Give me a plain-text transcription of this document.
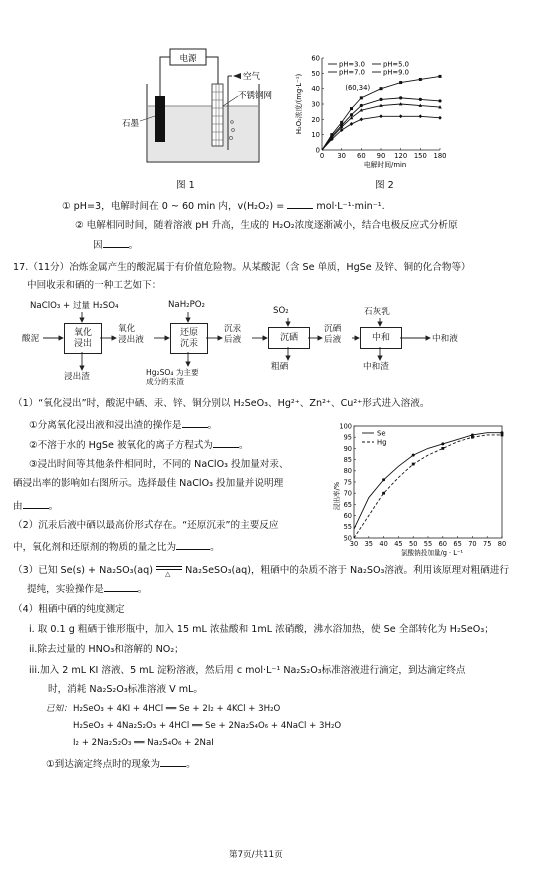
电源
石墨
空气
不锈钢网
图 1
0
10
20
30
40
50
60
0 30 60 90 120 150 180
电解时间/min
H₂O₂浓度/(mg·L⁻¹)
pH=3.0	pH=5.0
pH=7.0	pH=9.0
(60,34)
图 2
① pH=3，电解时间在 0 ~ 60 min 内，v(H₂O₂) =	mol·L⁻¹·min⁻¹.
② 电解相同时间，随着溶液 pH 升高，生成的 H₂O₂浓度逐渐减小，结合电极反应式分析原
因	。
17.（11分）冶炼金属产生的酸泥属于有价值危险物。从某酸泥（含 Se 单质，HgSe 及锌、铜的化合物等）
中回收汞和硒的一种工艺如下：
NaClO₃ + 过量 H₂SO₄	NaH₂PO₂
SO₂	石灰乳
酸泥
氧化
浸出
氧化
浸出液
还原
沉汞
沉汞
后液	沉硒
沉硒
后液	中和	中和液
浸出渣	Hg₂SO₄ 为主要
成分的汞渣
粗硒	中和渣
（1）“氧化浸出”时，酸泥中硒、汞、锌、铜分别以 H₂SeO₃、Hg²⁺、Zn²⁺、Cu²⁺形式进入溶液。
①分离氧化浸出液和浸出渣的操作是	。
②不溶于水的 HgSe 被氧化的离子方程式为	。
③浸出时间等其他条件相同时，不同的 NaClO₃ 投加量对汞、
硒浸出率的影响如右图所示。选择最佳 NaClO₃ 投加量并说明理
由	。
（2）沉汞后液中硒以最高价形式存在。“还原沉汞”的主要反应
中，氧化剂和还原剂的物质的量之比为	。
50
55
60
65
70
75
80
85
90
95
100
30 35 40 45 50 55 60 65 70 75 80
氯酸钠投加量/g · L⁻¹
浸出率/%
Se
Hg
（3）已知 Se(s) + Na₂SO₃(aq) △ Na₂SeSO₃(aq)，粗硒中的杂质不溶于 Na₂SO₃溶液。利用该原理对粗硒进行
提纯，实验操作是	。
（4）粗硒中硒的纯度测定
i. 取 0.1 g 粗硒于锥形瓶中，加入 15 mL 浓盐酸和 1mL 浓硝酸，沸水浴加热，使 Se 全部转化为 H₂SeO₃；
ii.除去过量的 HNO₃和溶解的 NO₂；
iii.加入 2 mL KI 溶液、5 mL 淀粉溶液，然后用 c mol·L⁻¹ Na₂S₂O₃标准溶液进行滴定，到达滴定终点
时，消耗 Na₂S₂O₃标准溶液 V mL。
已知： H₂SeO₃ + 4KI + 4HCl ══ Se + 2I₂ + 4KCl + 3H₂O
H₂SeO₃ + 4Na₂S₂O₃ + 4HCl ══ Se + 2Na₂S₄O₆ + 4NaCl + 3H₂O
I₂ + 2Na₂S₂O₃ ══ Na₂S₄O₆ + 2NaI
①到达滴定终点时的现象为	。
第7页/共11页
